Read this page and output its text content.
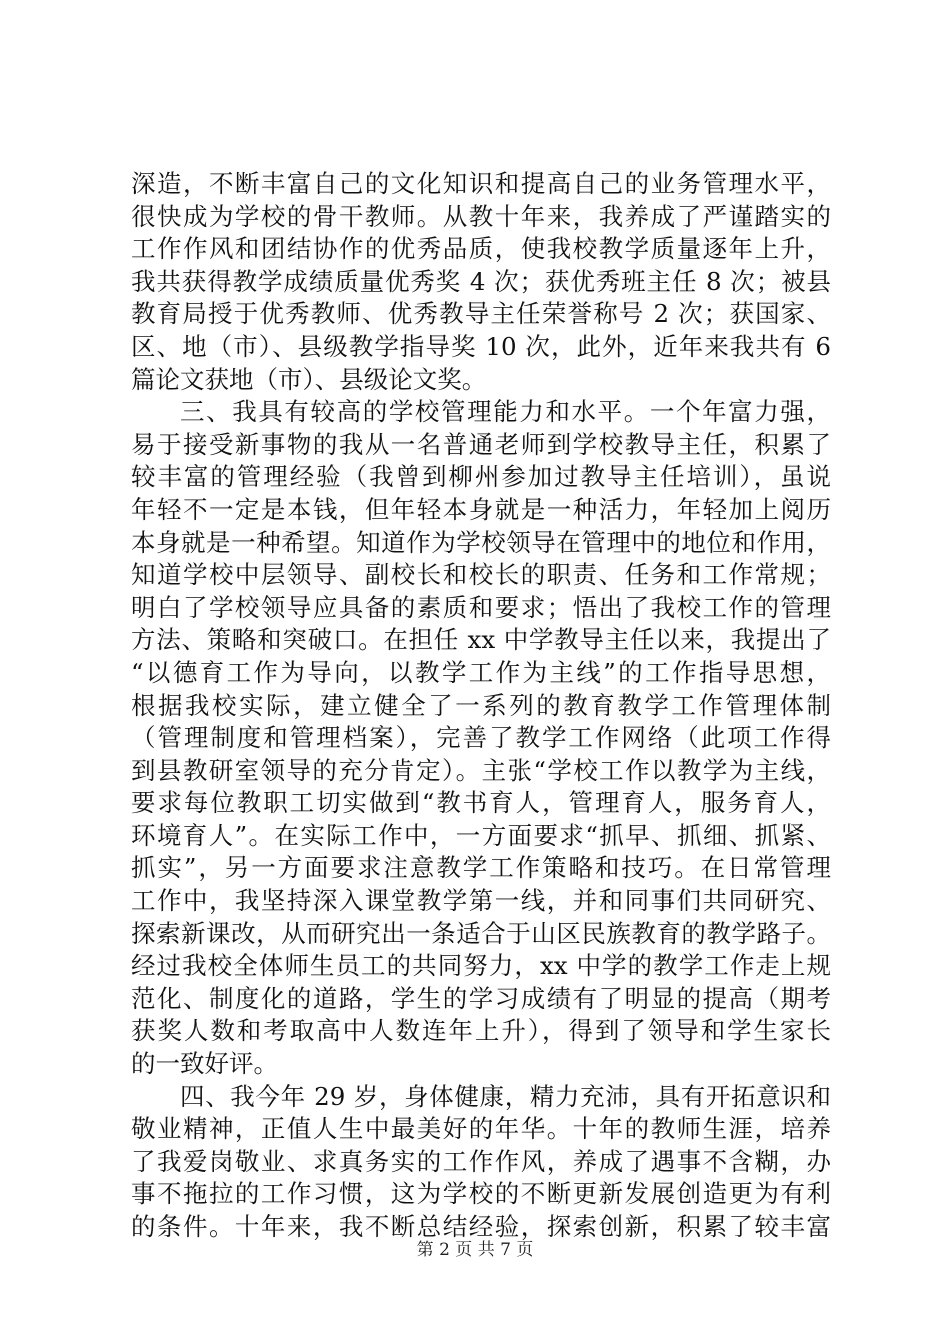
深造，不断丰富自己的文化知识和提高自己的业务管理水平，
很快成为学校的骨干教师。从教十年来，我养成了严谨踏实的
工作作风和团结协作的优秀品质，使我校教学质量逐年上升，
我共获得教学成绩质量优秀奖 4 次；获优秀班主任 8 次；被县
教育局授于优秀教师、优秀教导主任荣誉称号 2 次；获国家、
区、地（市）、县级教学指导奖 10 次，此外，近年来我共有 6
篇论文获地（市）、县级论文奖。
三、我具有较高的学校管理能力和水平。一个年富力强，
易于接受新事物的我从一名普通老师到学校教导主任，积累了
较丰富的管理经验（我曾到柳州参加过教导主任培训），虽说
年轻不一定是本钱，但年轻本身就是一种活力，年轻加上阅历
本身就是一种希望。知道作为学校领导在管理中的地位和作用，
知道学校中层领导、副校长和校长的职责、任务和工作常规；
明白了学校领导应具备的素质和要求；悟出了我校工作的管理
方法、策略和突破口。在担任 xx 中学教导主任以来，我提出了
“以德育工作为导向，以教学工作为主线”的工作指导思想，
根据我校实际，建立健全了一系列的教育教学工作管理体制
（管理制度和管理档案），完善了教学工作网络（此项工作得
到县教研室领导的充分肯定）。主张“学校工作以教学为主线，
要求每位教职工切实做到“教书育人，管理育人，服务育人，
环境育人”。在实际工作中，一方面要求“抓早、抓细、抓紧、
抓实”，另一方面要求注意教学工作策略和技巧。在日常管理
工作中，我坚持深入课堂教学第一线，并和同事们共同研究、
探索新课改，从而研究出一条适合于山区民族教育的教学路子。
经过我校全体师生员工的共同努力，xx 中学的教学工作走上规
范化、制度化的道路，学生的学习成绩有了明显的提高（期考
获奖人数和考取高中人数连年上升），得到了领导和学生家长
的一致好评。
四、我今年 29 岁，身体健康，精力充沛，具有开拓意识和
敬业精神，正值人生中最美好的年华。十年的教师生涯，培养
了我爱岗敬业、求真务实的工作作风，养成了遇事不含糊，办
事不拖拉的工作习惯，这为学校的不断更新发展创造更为有利
的条件。十年来，我不断总结经验，探索创新，积累了较丰富
第 2 页 共 7 页
